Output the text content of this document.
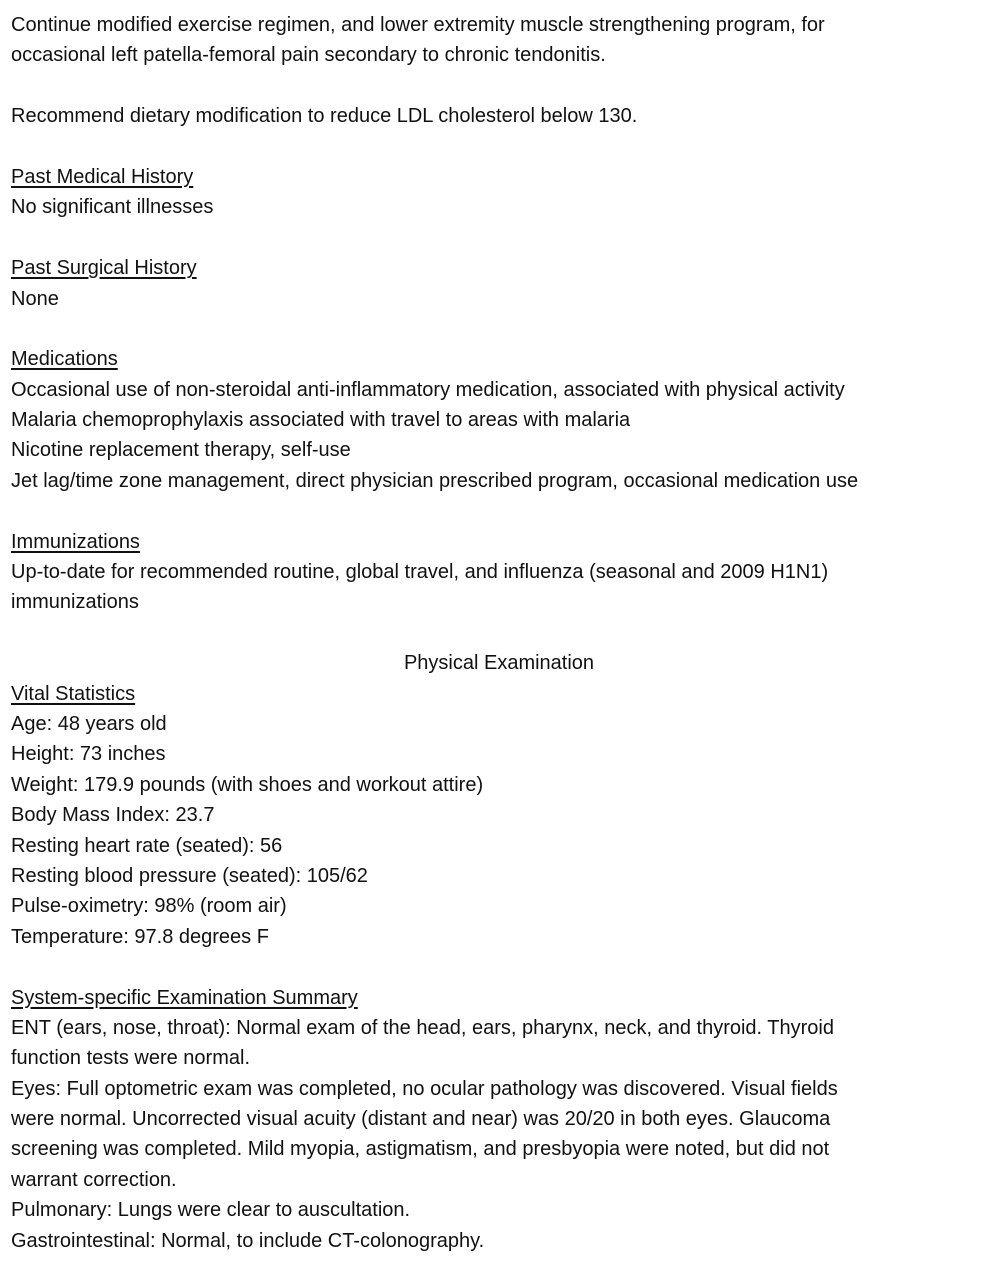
Continue modified exercise regimen, and lower extremity muscle strengthening program, for
occasional left patella-femoral pain secondary to chronic tendonitis.
Recommend dietary modification to reduce LDL cholesterol below 130.
Past Medical History
No significant illnesses
Past Surgical History
None
Medications
Occasional use of non-steroidal anti-inflammatory medication, associated with physical activity
Malaria chemoprophylaxis associated with travel to areas with malaria
Nicotine replacement therapy, self-use
Jet lag/time zone management, direct physician prescribed program, occasional medication use
Immunizations
Up-to-date for recommended routine, global travel, and influenza (seasonal and 2009 H1N1)
immunizations
Physical Examination
Vital Statistics
Age: 48 years old
Height: 73 inches
Weight: 179.9 pounds (with shoes and workout attire)
Body Mass Index: 23.7
Resting heart rate (seated): 56
Resting blood pressure (seated): 105/62
Pulse-oximetry: 98% (room air)
Temperature: 97.8 degrees F
System-specific Examination Summary
ENT (ears, nose, throat): Normal exam of the head, ears, pharynx, neck, and thyroid. Thyroid
function tests were normal.
Eyes: Full optometric exam was completed, no ocular pathology was discovered. Visual fields
were normal. Uncorrected visual acuity (distant and near) was 20/20 in both eyes. Glaucoma
screening was completed. Mild myopia, astigmatism, and presbyopia were noted, but did not
warrant correction.
Pulmonary: Lungs were clear to auscultation.
Gastrointestinal: Normal, to include CT-colonography.
